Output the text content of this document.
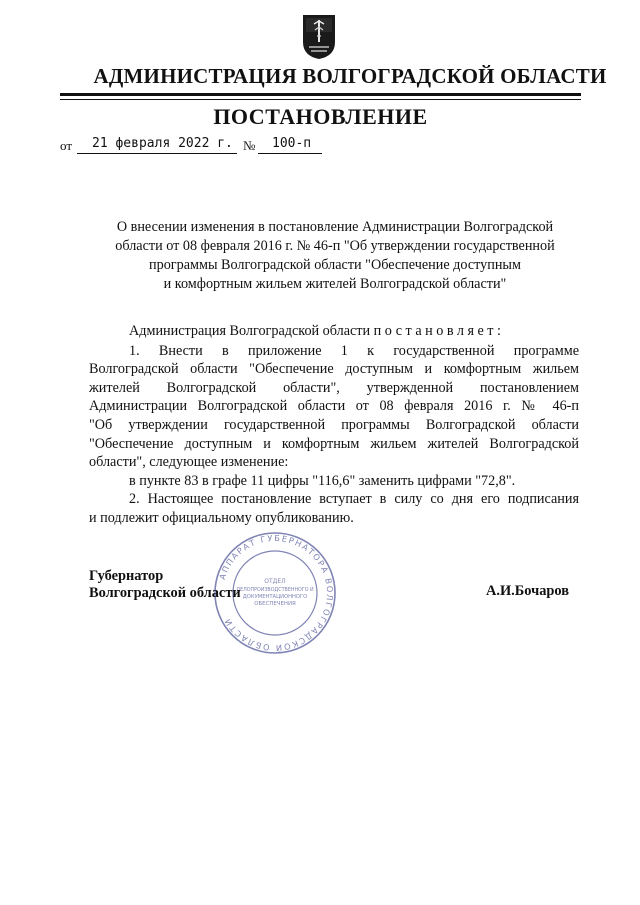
АДМИНИСТРАЦИЯ ВОЛГОГРАДСКОЙ ОБЛАСТИ
ПОСТАНОВЛЕНИЕ
от 21 февраля 2022 г. № 100-п
О внесении изменения в постановление Администрации Волгоградской
области от 08 февраля 2016 г. № 46-п "Об утверждении государственной
программы Волгоградской области "Обеспечение доступным
и комфортным жильем жителей Волгоградской области"

Администрация Волгоградской области постановляет:

1. Внести в приложение 1 к государственной программе
Волгоградской области "Обеспечение доступным и комфортным жильем
жителей Волгоградской области", утвержденной постановлением
Администрации Волгоградской области от 08 февраля 2016 г. № 46-п
"Об утверждении государственной программы Волгоградской области
"Обеспечение доступным и комфортным жильем жителей Волгоградской
области", следующее изменение:
в пункте 83 в графе 11 цифры "116,6" заменить цифрами "72,8".
2. Настоящее постановление вступает в силу со дня его подписания
и подлежит официальному опубликованию.
АППАРАТ ГУБЕРНАТОРА ВОЛГОГРАДСКОЙ ОБЛАСТИ
ОТДЕЛ
ДЕЛОПРОИЗВОДСТВЕННОГО И
ДОКУМЕНТАЦИОННОГО
ОБЕСПЕЧЕНИЯ
Губернатор
Волгоградской области	А.И.Бочаров
